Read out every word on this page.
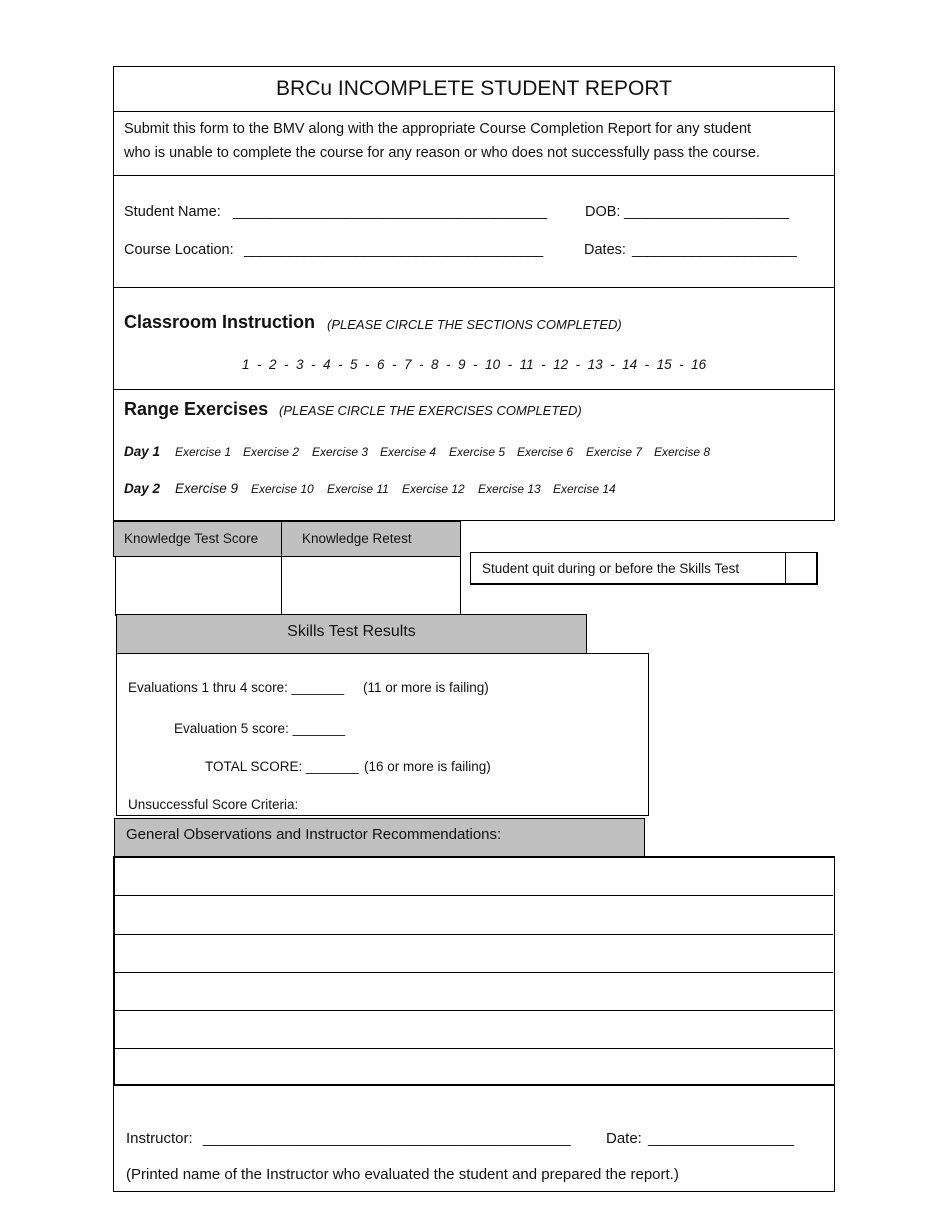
BRCu INCOMPLETE STUDENT REPORT
Submit this form to the BMV along with the appropriate Course Completion Report for any student
who is unable to complete the course for any reason or who does not successfully pass the course.
Student Name: __________________________________________	DOB: ______________________
Course Location: ________________________________________	Dates: ______________________
Classroom Instruction (PLEASE CIRCLE THE SECTIONS COMPLETED)
1  -  2  -  3  -  4  -  5  -  6  -  7  -  8  -  9  -  10  -  11  -  12  -  13  -  14  -  15  -  16
Range Exercises (PLEASE CIRCLE THE EXERCISES COMPLETED)
Day 1 Exercise 1 Exercise 2 Exercise 3 Exercise 4 Exercise 5 Exercise 6 Exercise 7 Exercise 8
Day 2 Exercise 9 Exercise 10 Exercise 11 Exercise 12 Exercise 13 Exercise 14
Knowledge Test Score	Knowledge Retest
Student quit during or before the Skills Test
Skills Test Results
Evaluations 1 thru 4 score: _______ (11 or more is failing)
Evaluation 5 score: _______
TOTAL SCORE: _______ (16 or more is failing)
Unsuccessful Score Criteria:
General Observations and Instructor Recommendations:
Instructor: ________________________________________________ Date: ___________________
(Printed name of the Instructor who evaluated the student and prepared the report.)
